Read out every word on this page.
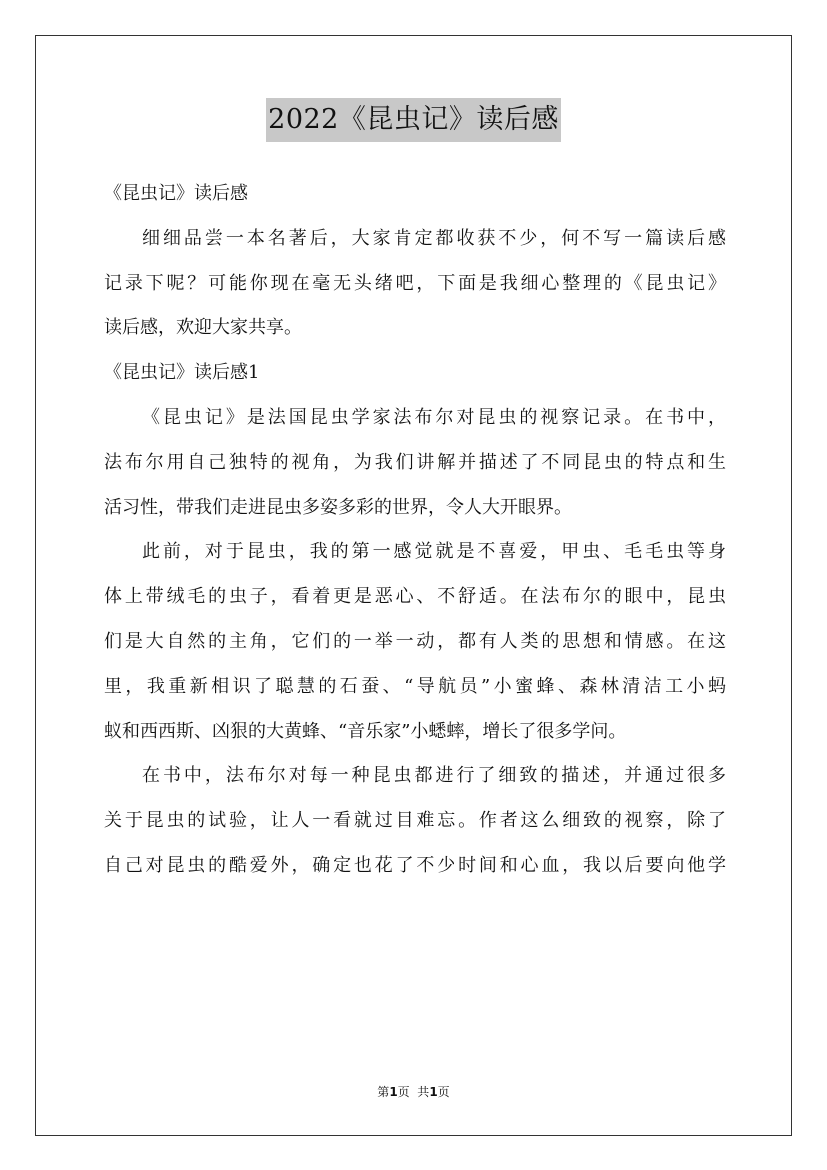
2022《昆虫记》读后感
《昆虫记》读后感
细细品尝一本名著后，大家肯定都收获不少，何不写一篇读后感
记录下呢？可能你现在毫无头绪吧，下面是我细心整理的《昆虫记》
读后感，欢迎大家共享。
《昆虫记》读后感1
《昆虫记》是法国昆虫学家法布尔对昆虫的视察记录。在书中，
法布尔用自己独特的视角，为我们讲解并描述了不同昆虫的特点和生
活习性，带我们走进昆虫多姿多彩的世界，令人大开眼界。
此前，对于昆虫，我的第一感觉就是不喜爱，甲虫、毛毛虫等身
体上带绒毛的虫子，看着更是恶心、不舒适。在法布尔的眼中，昆虫
们是大自然的主角，它们的一举一动，都有人类的思想和情感。在这
里，我重新相识了聪慧的石蚕、“导航员”小蜜蜂、森林清洁工小蚂
蚁和西西斯、凶狠的大黄蜂、“音乐家”小蟋蟀，增长了很多学问。
在书中，法布尔对每一种昆虫都进行了细致的描述，并通过很多
关于昆虫的试验，让人一看就过目难忘。作者这么细致的视察，除了
自己对昆虫的酷爱外，确定也花了不少时间和心血，我以后要向他学
第1页  共1页
